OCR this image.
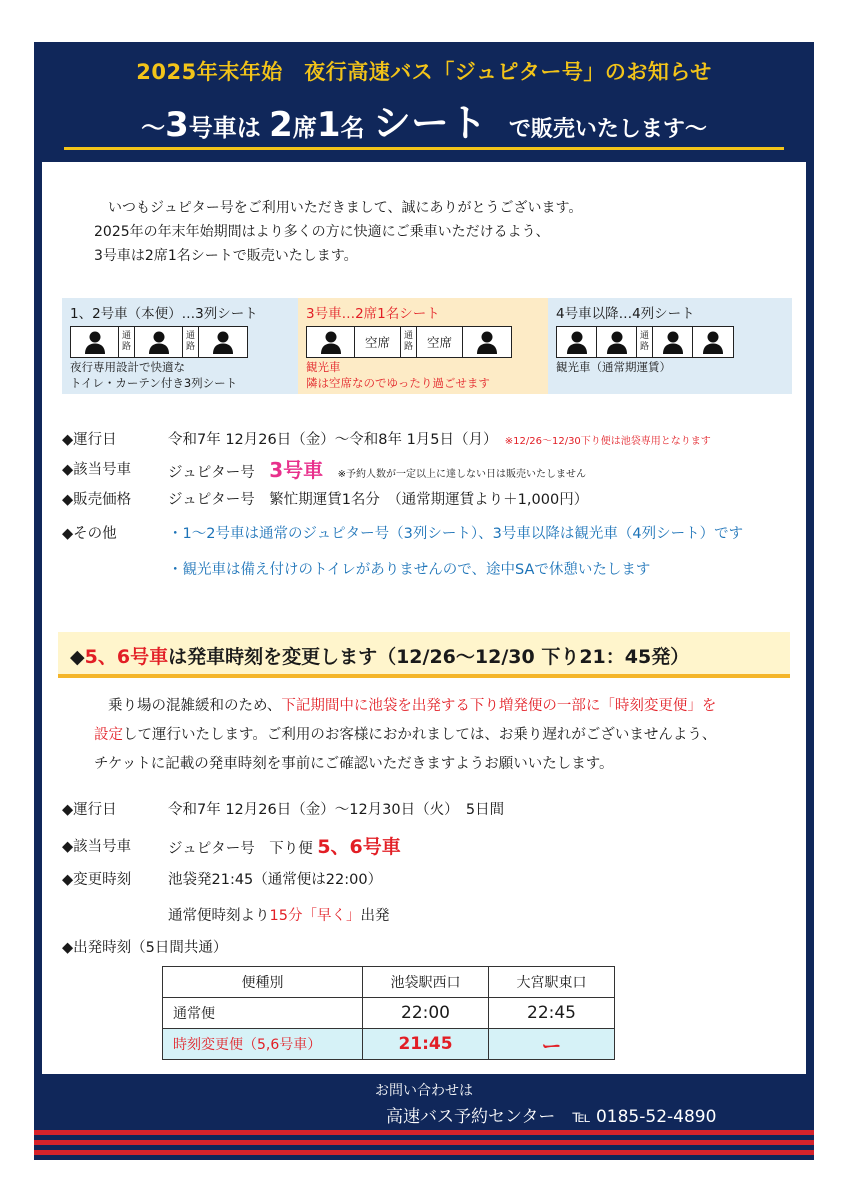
2025年末年始　夜行高速バス「ジュピター号」のお知らせ
～3号車は 2席1名 シート　で販売いたします～

いつもジュピター号をご利用いただきまして、誠にありがとうございます。

2025年の年末年始期間はより多くの方に快適にご乗車いただけるよう、

3号車は2席1名シートで販売いたします。

1、2号車（本便）…3列シート
通
路
通
路
夜行専用設計で快適な
トイレ・カーテン付き3列シート
3号車…2席1名シート
空席	通
路	空席
観光車
隣は空席なのでゆったり過ごせます
4号車以降…4列シート
通
路
観光車（通常期運賃）
◆運行日	令和7年 12月26日（金）～令和8年 1月5日（月）　 ※12/26～12/30下り便は池袋専用となります
◆該当号車	ジュピター号　 3号車　 ※予約人数が一定以上に達しない日は販売いたしません
◆販売価格	ジュピター号　繁忙期運賃1名分　（通常期運賃より＋1,000円）
◆その他	・1～2号車は通常のジュピター号（3列シート）、3号車以降は観光車（4列シート）です
・観光車は備え付けのトイレがありませんので、途中SAで休憩いたします
◆5、6号車は発車時刻を変更します（12/26～12/30 下り21：45発）

乗り場の混雑緩和のため、下記期間中に池袋を出発する下り増発便の一部に「時刻変更便」を

設定して運行いたします。ご利用のお客様におかれましては、お乗り遅れがございませんよう、

チケットに記載の発車時刻を事前にご確認いただきますようお願いいたします。

◆運行日	令和7年 12月26日（金）～12月30日（火）　5日間
◆該当号車	ジュピター号　下り便 5、6号車
◆変更時刻	池袋発21:45（通常便は22:00）
通常便時刻より15分「早く」出発
◆出発時刻（5日間共通）
便種別	池袋駅西口	大宮駅東口
通常便	22:00	22:45
時刻変更便（5,6号車）	21:45	ー
お問い合わせは
高速バス予約センター　℡ 0185-52-4890
